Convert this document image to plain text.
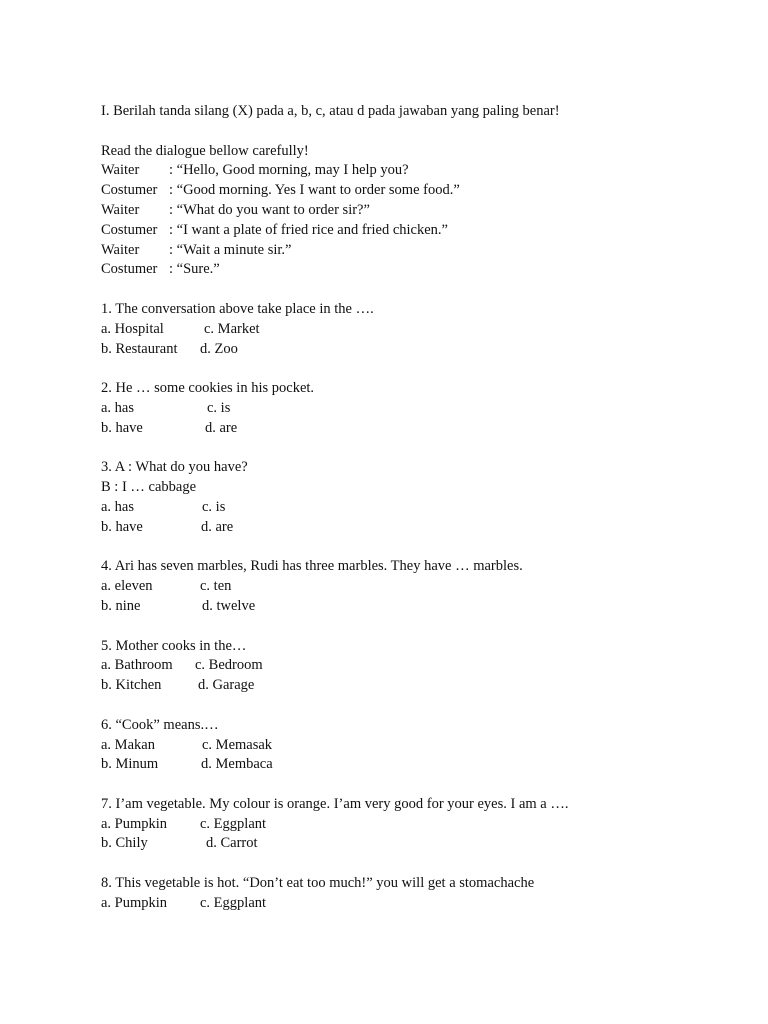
I. Berilah tanda silang (X) pada a, b, c, atau d pada jawaban yang paling benar!
Read the dialogue bellow carefully!
Waiter : “Hello, Good morning, may I help you?
Costumer : “Good morning. Yes I want to order some food.”
Waiter : “What do you want to order sir?”
Costumer : “I want a plate of fried rice and fried chicken.”
Waiter : “Wait a minute sir.”
Costumer : “Sure.”
1. The conversation above take place in the ….
a. Hospital	c. Market
b. Restaurant d. Zoo
2. He … some cookies in his pocket.
a. has	c. is
b. have	d. are
3. A : What do you have?
B : I … cabbage
a. has	c. is
b. have	d. are
4. Ari has seven marbles, Rudi has three marbles. They have … marbles.
a. eleven	c. ten
b. nine	d. twelve
5. Mother cooks in the…
a. Bathroom c. Bedroom
b. Kitchen	d. Garage
6. “Cook” means.…
a. Makan	c. Memasak
b. Minum	d. Membaca
7. I’am vegetable. My colour is orange. I’am very good for your eyes. I am a ….
a. Pumpkin c. Eggplant
b. Chily	d. Carrot
8. This vegetable is hot. “Don’t eat too much!” you will get a stomachache
a. Pumpkin c. Eggplant
